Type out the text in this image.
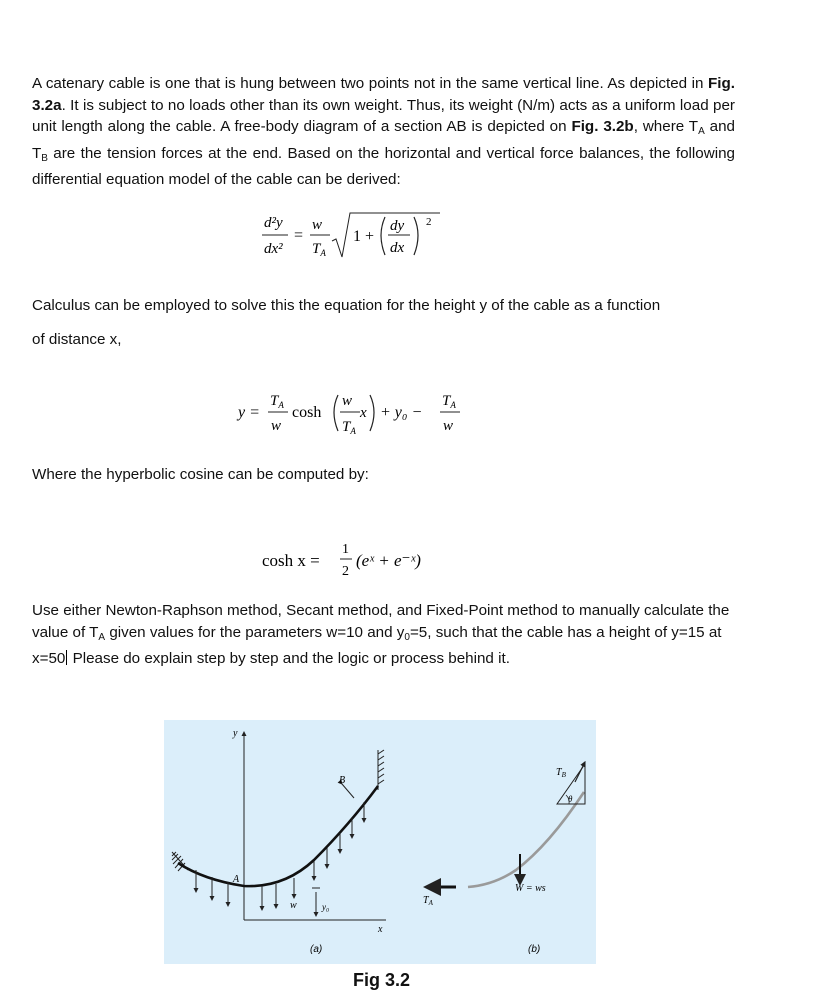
A catenary cable is one that is hung between two points not in the same vertical line. As depicted in Fig. 3.2a. It is subject to no loads other than its own weight. Thus, its weight (N/m) acts as a uniform load per unit length along the cable. A free-body diagram of a section AB is depicted on Fig. 3.2b, where $T_A$ and $T_B$ are the tension forces at the end. Based on the horizontal and vertical force balances, the following differential equation model of the cable can be derived:
d²y
dx²
=
w
$T_A$
1 +
dy
dx
2
Calculus can be employed to solve this the equation for the height y of the cable as a function
of distance x,
y =
$T_A$
w
cosh
w
$T_A$
x + y₀ −
$T_A$
w
Where the hyperbolic cosine can be computed by:
cosh x =
1
2
(eˣ + e⁻ˣ)
Use either Newton-Raphson method, Secant method, and Fixed-Point method to manually calculate the value of $T_A$ given values for the parameters w=10 and $y_0=5$, such that the cable has a height of y=15 at x=50 Please do explain step by step and the logic or process behind it.
y
x
B
A
w	y₀
(a)
$T_A$
W = ws
$T_B$
θ
(b)
Fig 3.2
